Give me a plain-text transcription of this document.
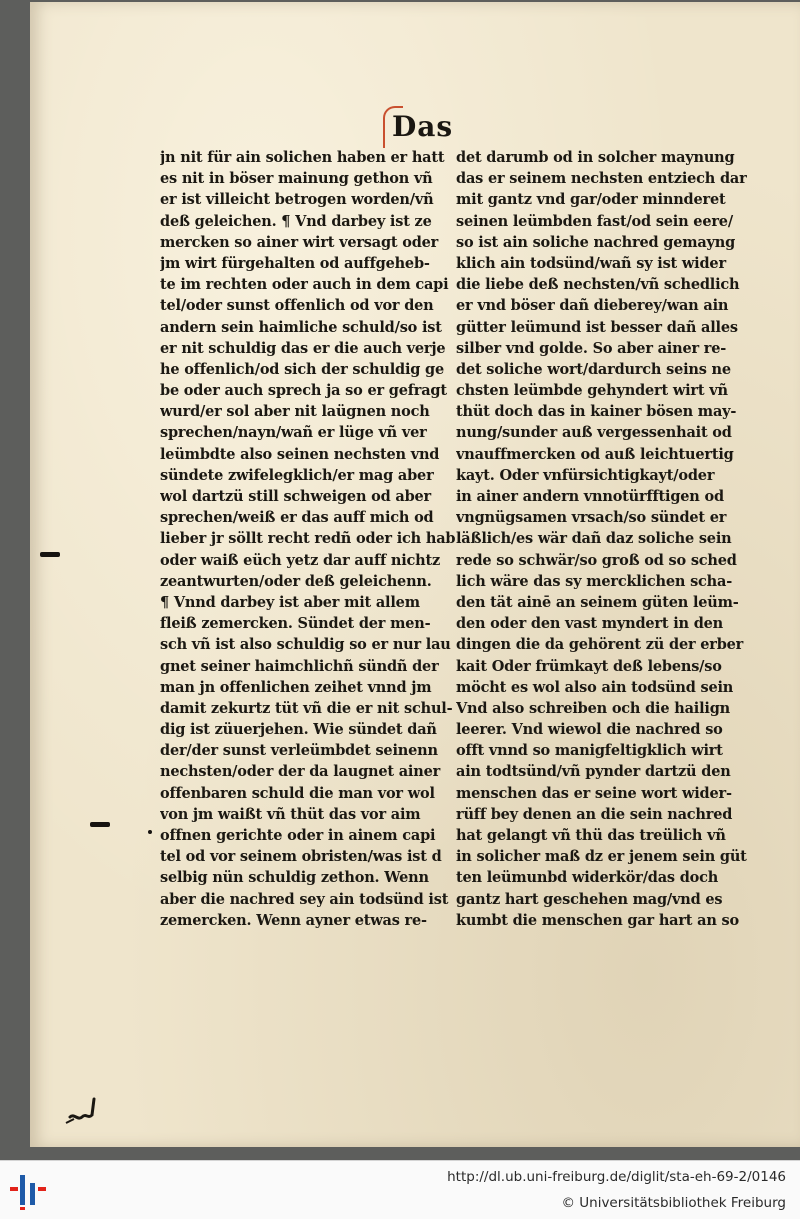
Das
jn nit für ain solichen haben er hatt
es nit in böser mainung gethon vñ
er ist villeicht betrogen worden/vñ
deß geleichen. ¶ Vnd darbey ist ze
mercken so ainer wirt versagt oder
jm wirt fürgehalten od auffgeheb-
te im rechten oder auch in dem capi
tel/oder sunst offenlich od vor den
andern sein haimliche schuld/so ist
er nit schuldig das er die auch verje
he offenlich/od sich der schuldig ge
be oder auch sprech ja so er gefragt
wurd/er sol aber nit laügnen noch
sprechen/nayn/wañ er lüge vñ ver
leümbdte also seinen nechsten vnd
sündete zwifelegklich/er mag aber
wol dartzü still schweigen od aber
sprechen/weiß er das auff mich od
lieber jr söllt recht redñ oder ich hab
oder waiß eüch yetz dar auff nichtz
zeantwurten/oder deß geleichenn.
¶ Vnnd darbey ist aber mit allem
fleiß zemercken. Sündet der men-
sch vñ ist also schuldig so er nur lau
gnet seiner haimchlichñ sündñ der
man jn offenlichen zeihet vnnd jm
damit zekurtz tüt vñ die er nit schul-
dig ist züuerjehen. Wie sündet dañ
der/der sunst verleümbdet seinenn
nechsten/oder der da laugnet ainer
offenbaren schuld die man vor wol
von jm waißt vñ thüt das vor aim
offnen gerichte oder in ainem capi
tel od vor seinem obristen/was ist d
selbig nün schuldig zethon. Wenn
aber die nachred sey ain todsünd ist
zemercken. Wenn ayner etwas re-
det darumb od in solcher maynung
das er seinem nechsten entziech dar
mit gantz vnd gar/oder minnderet
seinen leümbden fast/od sein eere/
so ist ain soliche nachred gemayng
klich ain todsünd/wañ sy ist wider
die liebe deß nechsten/vñ schedlich
er vnd böser dañ dieberey/wan ain
gütter leümund ist besser dañ alles
silber vnd golde. So aber ainer re-
det soliche wort/dardurch seins ne
chsten leümbde gehyndert wirt vñ
thüt doch das in kainer bösen may-
nung/sunder auß vergessenhait od
vnauffmercken od auß leichtuertig
kayt. Oder vnfürsichtigkayt/oder
in ainer andern vnnotürfftigen od
vngnügsamen vrsach/so sündet er
läßlich/es wär dañ daz soliche sein
rede so schwär/so groß od so sched
lich wäre das sy mercklichen scha-
den tät ainē an seinem güten leüm-
den oder den vast myndert in den
dingen die da gehörent zü der erber
kait Oder frümkayt deß lebens/so
möcht es wol also ain todsünd sein
Vnd also schreiben och die hailign
leerer. Vnd wiewol die nachred so
offt vnnd so manigfeltigklich wirt
ain todtsünd/vñ pynder dartzü den
menschen das er seine wort wider-
rüff bey denen an die sein nachred
hat gelangt vñ thü das treülich vñ
in solicher maß dz er jenem sein güt
ten leümunbd widerkör/das doch
gantz hart geschehen mag/vnd es
kumbt die menschen gar hart an so
http://dl.ub.uni-freiburg.de/diglit/sta-eh-69-2/0146
© Universitätsbibliothek Freiburg
